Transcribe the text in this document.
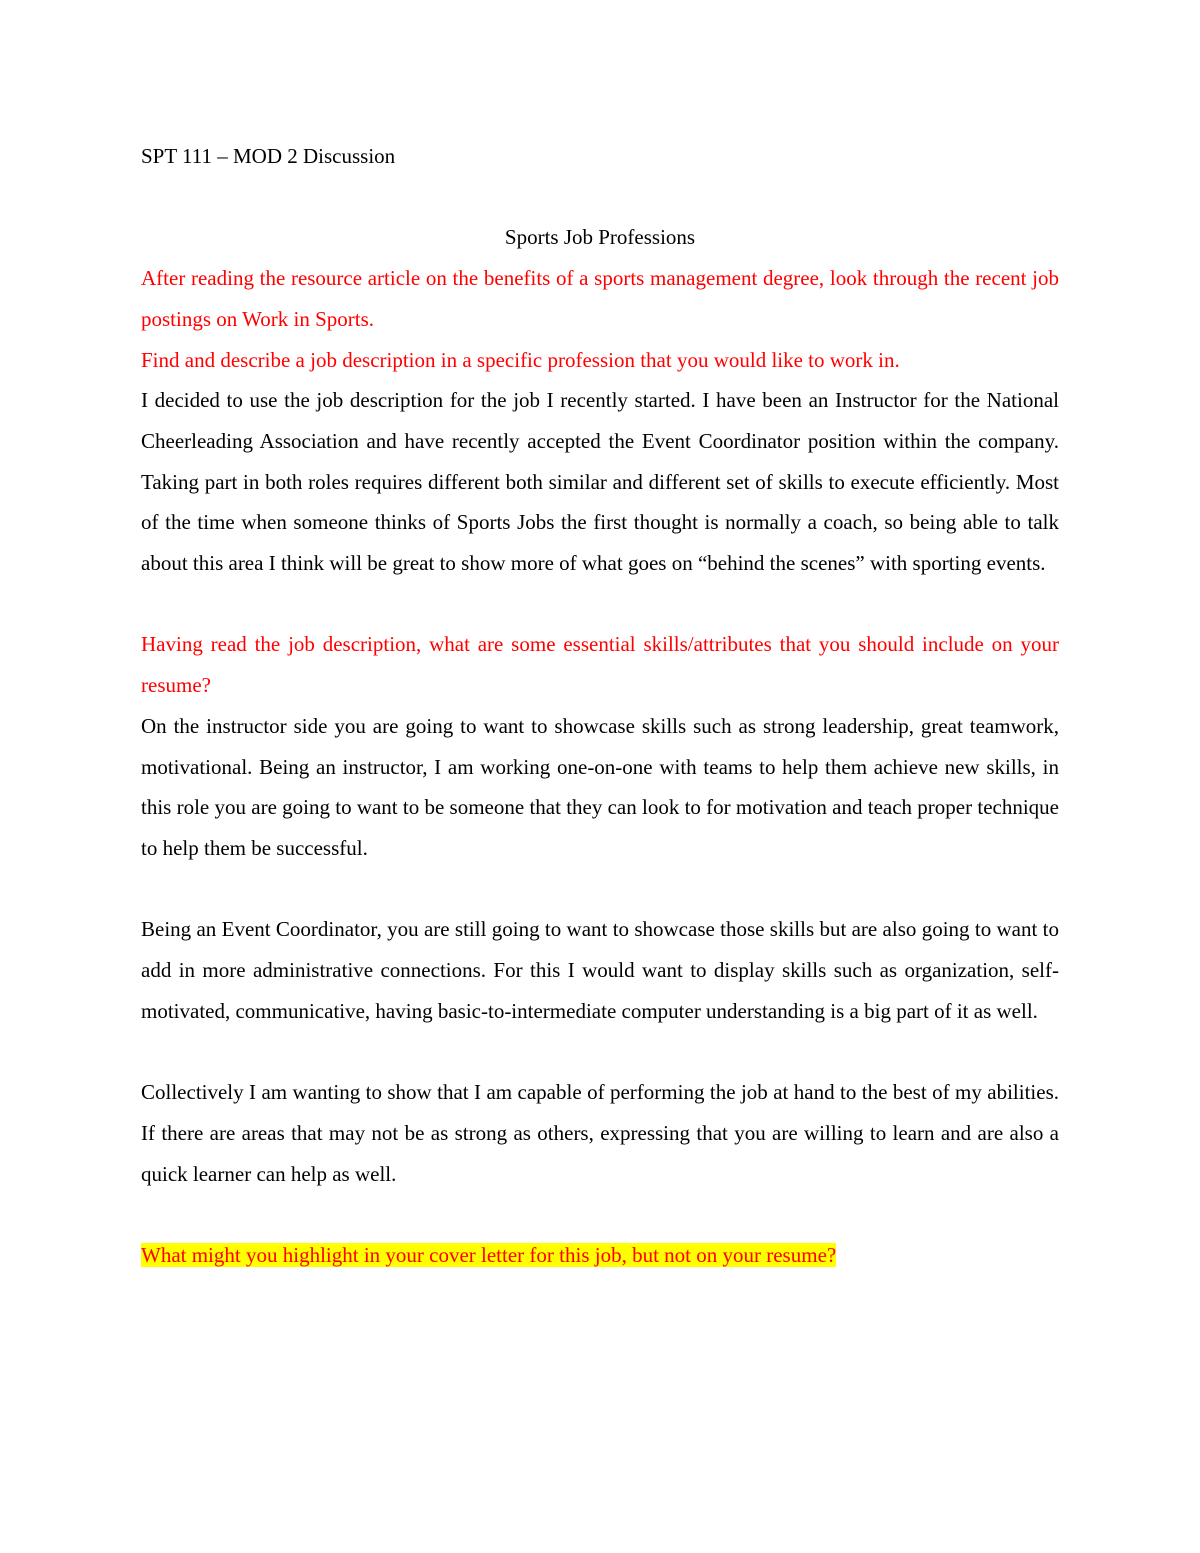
SPT 111 – MOD 2 Discussion

Sports Job Professions

After reading the resource article on the benefits of a sports management degree, look through the recent job postings on Work in Sports.

Find and describe a job description in a specific profession that you would like to work in.

I decided to use the job description for the job I recently started. I have been an Instructor for the National Cheerleading Association and have recently accepted the Event Coordinator position within the company. Taking part in both roles requires different both similar and different set of skills to execute efficiently. Most of the time when someone thinks of Sports Jobs the first thought is normally a coach, so being able to talk about this area I think will be great to show more of what goes on “behind the scenes” with sporting events.

Having read the job description, what are some essential skills/attributes that you should include on your resume?

On the instructor side you are going to want to showcase skills such as strong leadership, great teamwork, motivational. Being an instructor, I am working one-on-one with teams to help them achieve new skills, in this role you are going to want to be someone that they can look to for motivation and teach proper technique to help them be successful.

Being an Event Coordinator, you are still going to want to showcase those skills but are also going to want to add in more administrative connections. For this I would want to display skills such as organization, self-motivated, communicative, having basic-to-intermediate computer understanding is a big part of it as well.

Collectively I am wanting to show that I am capable of performing the job at hand to the best of my abilities. If there are areas that may not be as strong as others, expressing that you are willing to learn and are also a quick learner can help as well.

What might you highlight in your cover letter for this job, but not on your resume?
